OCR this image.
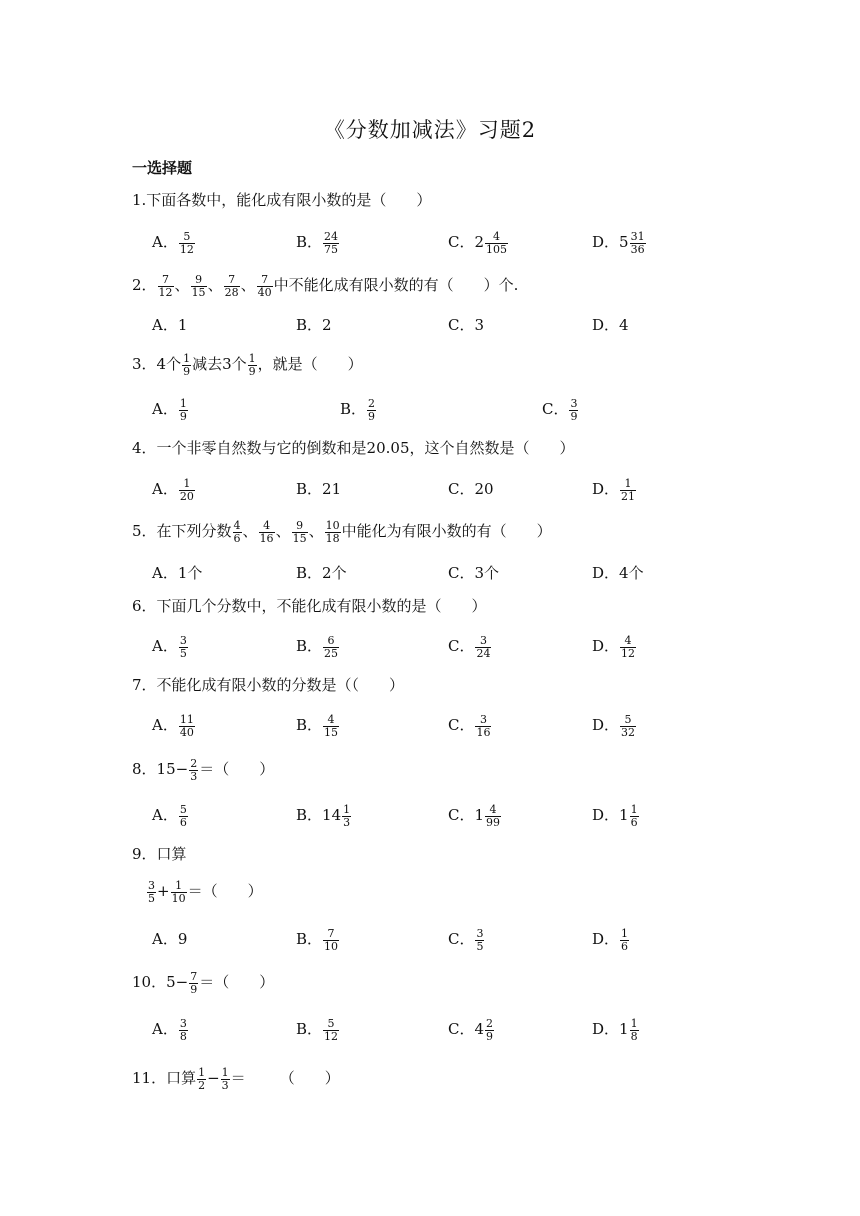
《分数加减法》习题2
一选择题
1.下面各数中，能化成有限小数的是（　　）
A． $\frac{5}{12}$	B． $\frac{24}{75}$	C．$2 \frac{4}{105}$	D．$5 \frac{31}{36}$
2． $\frac{7}{12}$ 、 $\frac{9}{15}$ 、 $\frac{7}{28}$ 、 $\frac{7}{40}$ 中不能化成有限小数的有（　　）个.
A．1	B．2	C．3	D．4
3．4个 $\frac{1}{9}$ 减去3个 $\frac{1}{9}$ ，就是（　　）
A． $\frac{1}{9}$	B． $\frac{2}{9}$	C． $\frac{3}{9}$
4．一个非零自然数与它的倒数和是20.05，这个自然数是（　　）
A． $\frac{1}{20}$	B．21	C．20	D． $\frac{1}{21}$
5．在下列分数 $\frac{4}{6}$ 、 $\frac{4}{16}$ 、 $\frac{9}{15}$ 、 $\frac{10}{18}$ 中能化为有限小数的有（　　）
A．1个	B．2个	C．3个	D．4个
6．下面几个分数中，不能化成有限小数的是（　　）
A． $\frac{3}{5}$	B． $\frac{6}{25}$	C． $\frac{3}{24}$	D． $\frac{4}{12}$
7．不能化成有限小数的分数是（（　　）
A． $\frac{11}{40}$	B． $\frac{4}{15}$	C． $\frac{3}{16}$	D． $\frac{5}{32}$
8．$15- \frac{2}{3}$ ＝（　　）
A． $\frac{5}{6}$	B．$14 \frac{1}{3}$	C．$1 \frac{4}{99}$	D．$1 \frac{1}{6}$
9．口算
$\frac{3}{5} + \frac{1}{10}$ ＝（　　）
A．9	B． $\frac{7}{10}$	C． $\frac{3}{5}$	D． $\frac{1}{6}$
10．$5- \frac{7}{9}$ ＝（　　）
A． $\frac{3}{8}$	B． $\frac{5}{12}$	C．$4 \frac{2}{9}$	D．$1 \frac{1}{8}$
11．口算 $\frac{1}{2} - \frac{1}{3}$ ＝ （　　）
